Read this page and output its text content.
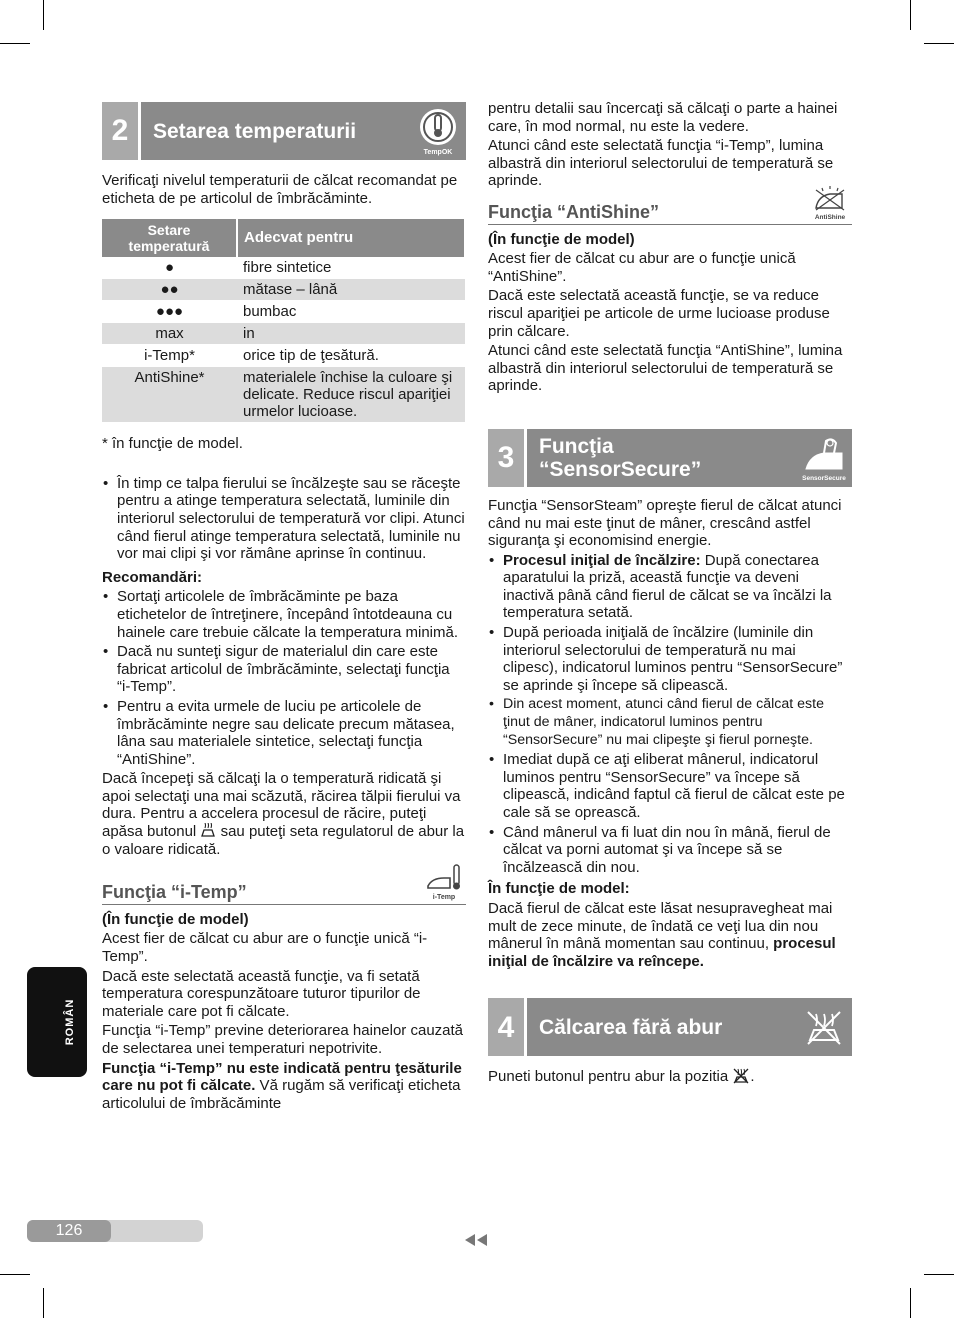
2	Setarea temperaturii
TempOK

Verificaţi nivelul temperaturii de călcat recomandat pe eticheta de pe articolul de îmbrăcăminte.

Setare temperatură	Adecvat pentru
●	fibre sintetice
●●	mătase – lână
●●●	bumbac
max	in
i-Temp*	orice tip de ţesătură.
AntiShine*	materialele închise la culoare şi delicate. Reduce riscul apariţiei urmelor lucioase.

* în funcţie de model.

• În timp ce talpa fierului se încălzeşte sau se răceşte pentru a atinge temperatura selectată, luminile din interiorul selectorului de temperatură vor clipi. Atunci când fierul atinge temperatura selectată, luminile nu vor mai clipi şi vor rămâne aprinse în continuu.

Recomandări:

• Sortaţi articolele de îmbrăcăminte pe baza etichetelor de întreţinere, începând întotdeauna cu hainele care trebuie călcate la temperatura minimă.
• Dacă nu sunteţi sigur de materialul din care este fabricat articolul de îmbrăcăminte, selectaţi funcţia “i-Temp”.
• Pentru a evita urmele de luciu pe articolele de îmbrăcăminte negre sau delicate precum mătasea, lâna sau materialele sintetice, selectaţi funcţia “AntiShine”.

Dacă începeţi să călcaţi la o temperatură ridicată şi apoi selectaţi una mai scăzută, răcirea tălpii fierului va dura. Pentru a accelera procesul de răcire, puteţi apăsa butonul sau puteţi seta regulatorul de abur la o valoare ridicată.

Funcţia “i-Temp”	i-Temp

(În funcţie de model)

Acest fier de călcat cu abur are o funcţie unică “i-Temp”.

Dacă este selectată această funcţie, va fi setată temperatura corespunzătoare tuturor tipurilor de materiale care pot fi călcate.

Funcţia “i-Temp” previne deteriorarea hainelor cauzată de selectarea unei temperaturi nepotrivite.

Funcţia “i-Temp” nu este indicată pentru ţesăturile care nu pot fi călcate. Vă rugăm să verificaţi eticheta articolului de îmbrăcăminte

pentru detalii sau încercaţi să călcaţi o parte a hainei care, în mod normal, nu este la vedere.

Atunci când este selectată funcţia “i-Temp”, lumina albastră din interiorul selectorului de temperatură se aprinde.

Funcţia “AntiShine”	AntiShine

(În funcţie de model)

Acest fier de călcat cu abur are o funcţie unică “AntiShine”.

Dacă este selectată această funcţie, se va reduce riscul apariţiei pe articole de urme lucioase produse prin călcare.

Atunci când este selectată funcţia “AntiShine”, lumina albastră din interiorul selectorului de temperatură se aprinde.

3	Funcţia
“SensorSecure”	SensorSecure

Funcţia “SensorSteam” opreşte fierul de călcat atunci când nu mai este ţinut de mâner, crescând astfel siguranţa şi economisind energie.

• Procesul iniţial de încălzire: După conectarea aparatului la priză, această funcţie va deveni inactivă până când fierul de călcat se va încălzi la temperatura setată.
• După perioada iniţială de încălzire (luminile din interiorul selectorului de temperatură nu mai clipesc), indicatorul luminos pentru “SensorSecure” se aprinde şi începe să clipească.
• Din acest moment, atunci când fierul de călcat este ţinut de mâner, indicatorul luminos pentru “SensorSecure” nu mai clipeşte şi fierul porneşte.
• Imediat după ce aţi eliberat mânerul, indicatorul luminos pentru “SensorSecure” va începe să clipească, indicând faptul că fierul de călcat este pe cale să se oprească.
• Când mânerul va fi luat din nou în mână, fierul de călcat va porni automat şi va începe să se încălzească din nou.

În funcţie de model:

Dacă fierul de călcat este lăsat nesupravegheat mai mult de zece minute, de îndată ce veţi lua din nou mânerul în mână momentan sau continuu, procesul iniţial de încălzire va reîncepe.

4	Călcarea fără abur

Puneti butonul pentru abur la pozitia .

ROMÂN
126
